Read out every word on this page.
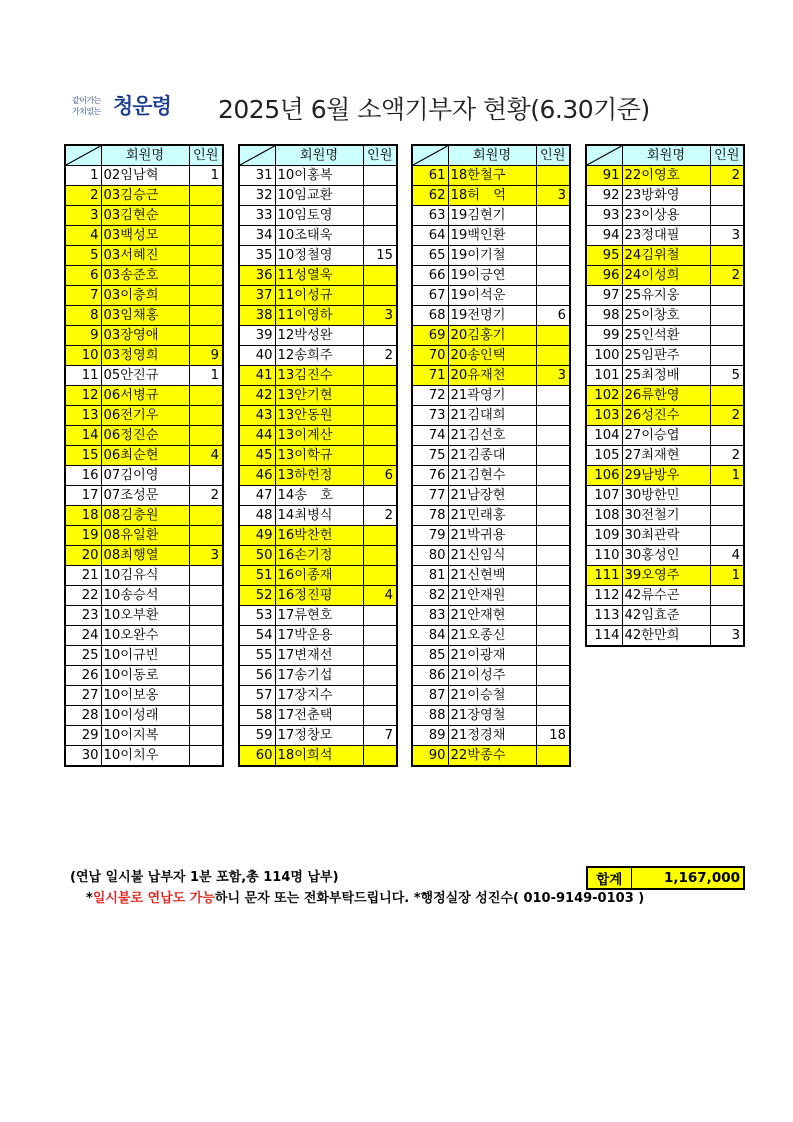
같이가는
가치있는 청운령 2025년 6월 소액기부자 현황(6.30기준)
	회원명	인원
1	02임남혁	1
2	03김승근	
3	03김현순	
4	03백성모	
5	03서혜진	
6	03송준호	
7	03이충희	
8	03임채홍	
9	03장영애	
10	03정영희	9
11	05안진규	1
12	06서병규	
13	06전기우	
14	06정진순	
15	06최순현	4
16	07김이영	
17	07조성문	2
18	08김충원	
19	08유일환	
20	08최행열	3
21	10김유식	
22	10송승석	
23	10오부환	
24	10오완수	
25	10이규빈	
26	10이동로	
27	10이보옹	
28	10이성래	
29	10이지복	
30	10이치우	
	회원명	인원
31	10이홍복	
32	10임교환	
33	10임토영	
34	10조태욱	
35	10정철영	15
36	11성열욱	
37	11이성규	
38	11이영하	3
39	12박성완	
40	12송희주	2
41	13김진수	
42	13안기현	
43	13안동원	
44	13이계산	
45	13이학규	
46	13하헌정	6
47	14송　호	
48	14최병식	2
49	16박찬헌	
50	16손기정	
51	16이종재	
52	16정진평	4
53	17류현호	
54	17박운용	
55	17변재선	
56	17송기섭	
57	17장지수	
58	17전춘택	
59	17정창모	7
60	18이희석	
	회원명	인원
61	18한철구	
62	18허　억	3
63	19김현기	
64	19백인환	
65	19이기철	
66	19이긍연	
67	19이석운	
68	19전명기	6
69	20김홍기	
70	20송인택	
71	20유재천	3
72	21곽영기	
73	21김대희	
74	21김선호	
75	21김종대	
76	21김현수	
77	21남장현	
78	21민래홍	
79	21박귀용	
80	21신임식	
81	21신현백	
82	21안재원	
83	21안재현	
84	21오종신	
85	21이광재	
86	21이성주	
87	21이승철	
88	21장영철	
89	21정경채	18
90	22박종수	
	회원명	인원
91	22이영호	2
92	23방화영	
93	23이상용	
94	23정대필	3
95	24김위철	
96	24이성희	2
97	25유지웅	
98	25이창호	
99	25인석환	
100	25임판주	
101	25최정배	5
102	26류한영	
103	26성진수	2
104	27이승엽	
105	27최재현	2
106	29남방우	1
107	30방한민	
108	30전철기	
109	30최관락	
110	30홍성인	4
111	39오영주	1
112	42류수곤	
113	42임효준	
114	42한만희	3
(연납 일시불 납부자 1분 포함,총 114명 납부)
*일시불로 연납도 가능하니 문자 또는 전화부탁드립니다. *행정실장 성진수( 010-9149-0103 )
합계	1,167,000
